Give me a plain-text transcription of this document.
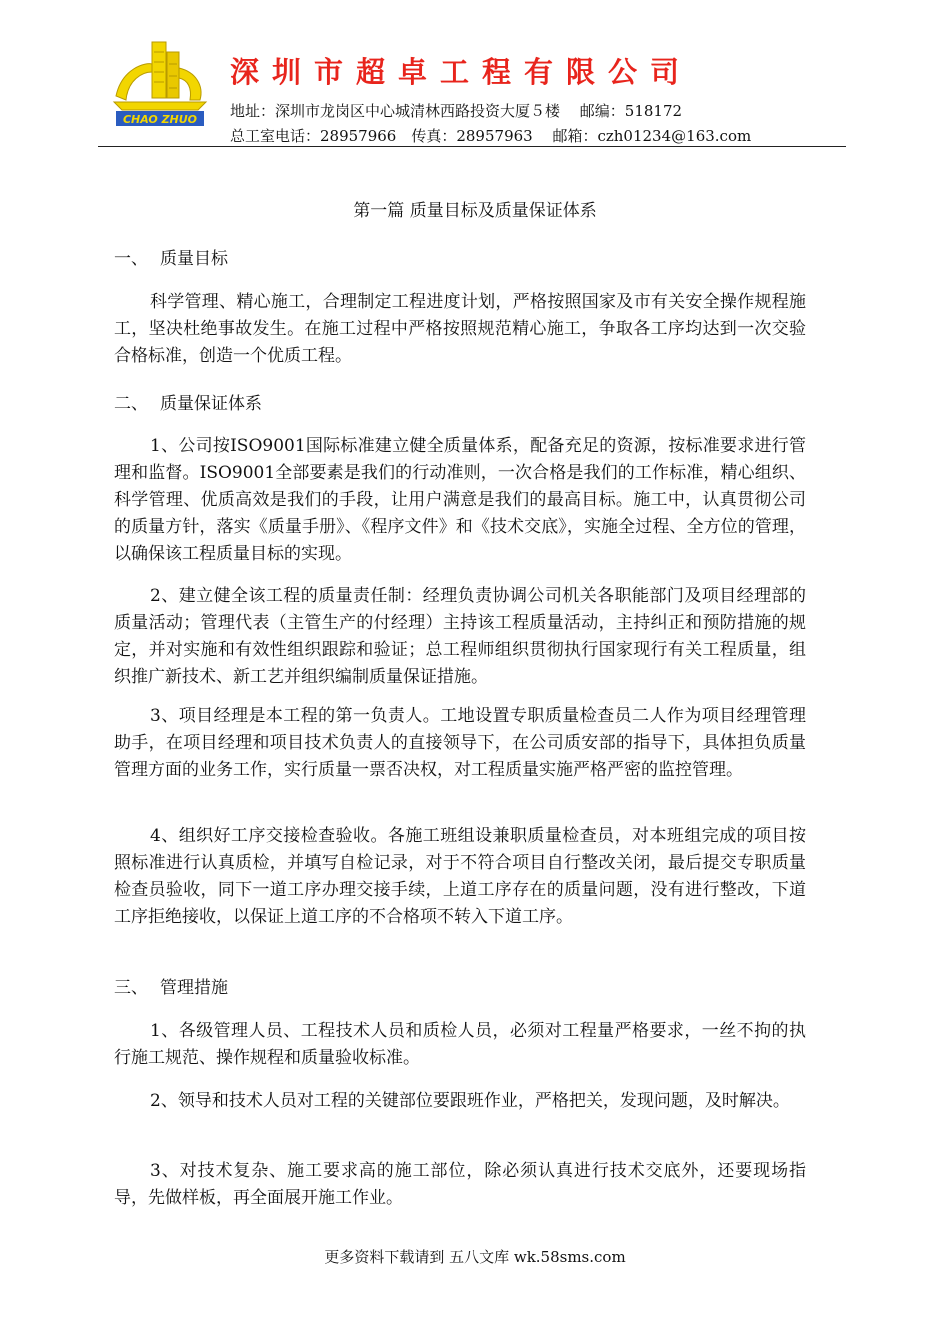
CHAO ZHUO
深圳市超卓工程有限公司
地址：深圳市龙岗区中心城清林西路投资大厦５楼　 邮编：518172
总工室电话：28957966　传真：28957963　 邮箱：czh01234@163.com
第一篇 质量目标及质量保证体系
一、 质量目标

科学管理、精心施工，合理制定工程进度计划，严格按照国家及市有关安全操作规程施工，坚决杜绝事故发生。在施工过程中严格按照规范精心施工，争取各工序均达到一次交验合格标准，创造一个优质工程。

二、 质量保证体系

1、公司按ISO9001国际标准建立健全质量体系，配备充足的资源，按标准要求进行管理和监督。ISO9001全部要素是我们的行动准则，一次合格是我们的工作标准，精心组织、科学管理、优质高效是我们的手段，让用户满意是我们的最高目标。施工中，认真贯彻公司的质量方针，落实《质量手册》、《程序文件》和《技术交底》，实施全过程、全方位的管理，以确保该工程质量目标的实现。

2、建立健全该工程的质量责任制：经理负责协调公司机关各职能部门及项目经理部的质量活动；管理代表（主管生产的付经理）主持该工程质量活动，主持纠正和预防措施的规定，并对实施和有效性组织跟踪和验证；总工程师组织贯彻执行国家现行有关工程质量，组织推广新技术、新工艺并组织编制质量保证措施。

3、项目经理是本工程的第一负责人。工地设置专职质量检查员二人作为项目经理管理助手，在项目经理和项目技术负责人的直接领导下，在公司质安部的指导下，具体担负质量管理方面的业务工作，实行质量一票否决权，对工程质量实施严格严密的监控管理。

4、组织好工序交接检查验收。各施工班组设兼职质量检查员，对本班组完成的项目按照标准进行认真质检，并填写自检记录，对于不符合项目自行整改关闭，最后提交专职质量检查员验收，同下一道工序办理交接手续，上道工序存在的质量问题，没有进行整改，下道工序拒绝接收，以保证上道工序的不合格项不转入下道工序。

三、 管理措施

1、各级管理人员、工程技术人员和质检人员，必须对工程量严格要求，一丝不拘的执行施工规范、操作规程和质量验收标准。

2、领导和技术人员对工程的关键部位要跟班作业，严格把关，发现问题，及时解决。

3、对技术复杂、施工要求高的施工部位，除必须认真进行技术交底外，还要现场指导，先做样板，再全面展开施工作业。

更多资料下载请到 五八文库 wk.58sms.com
